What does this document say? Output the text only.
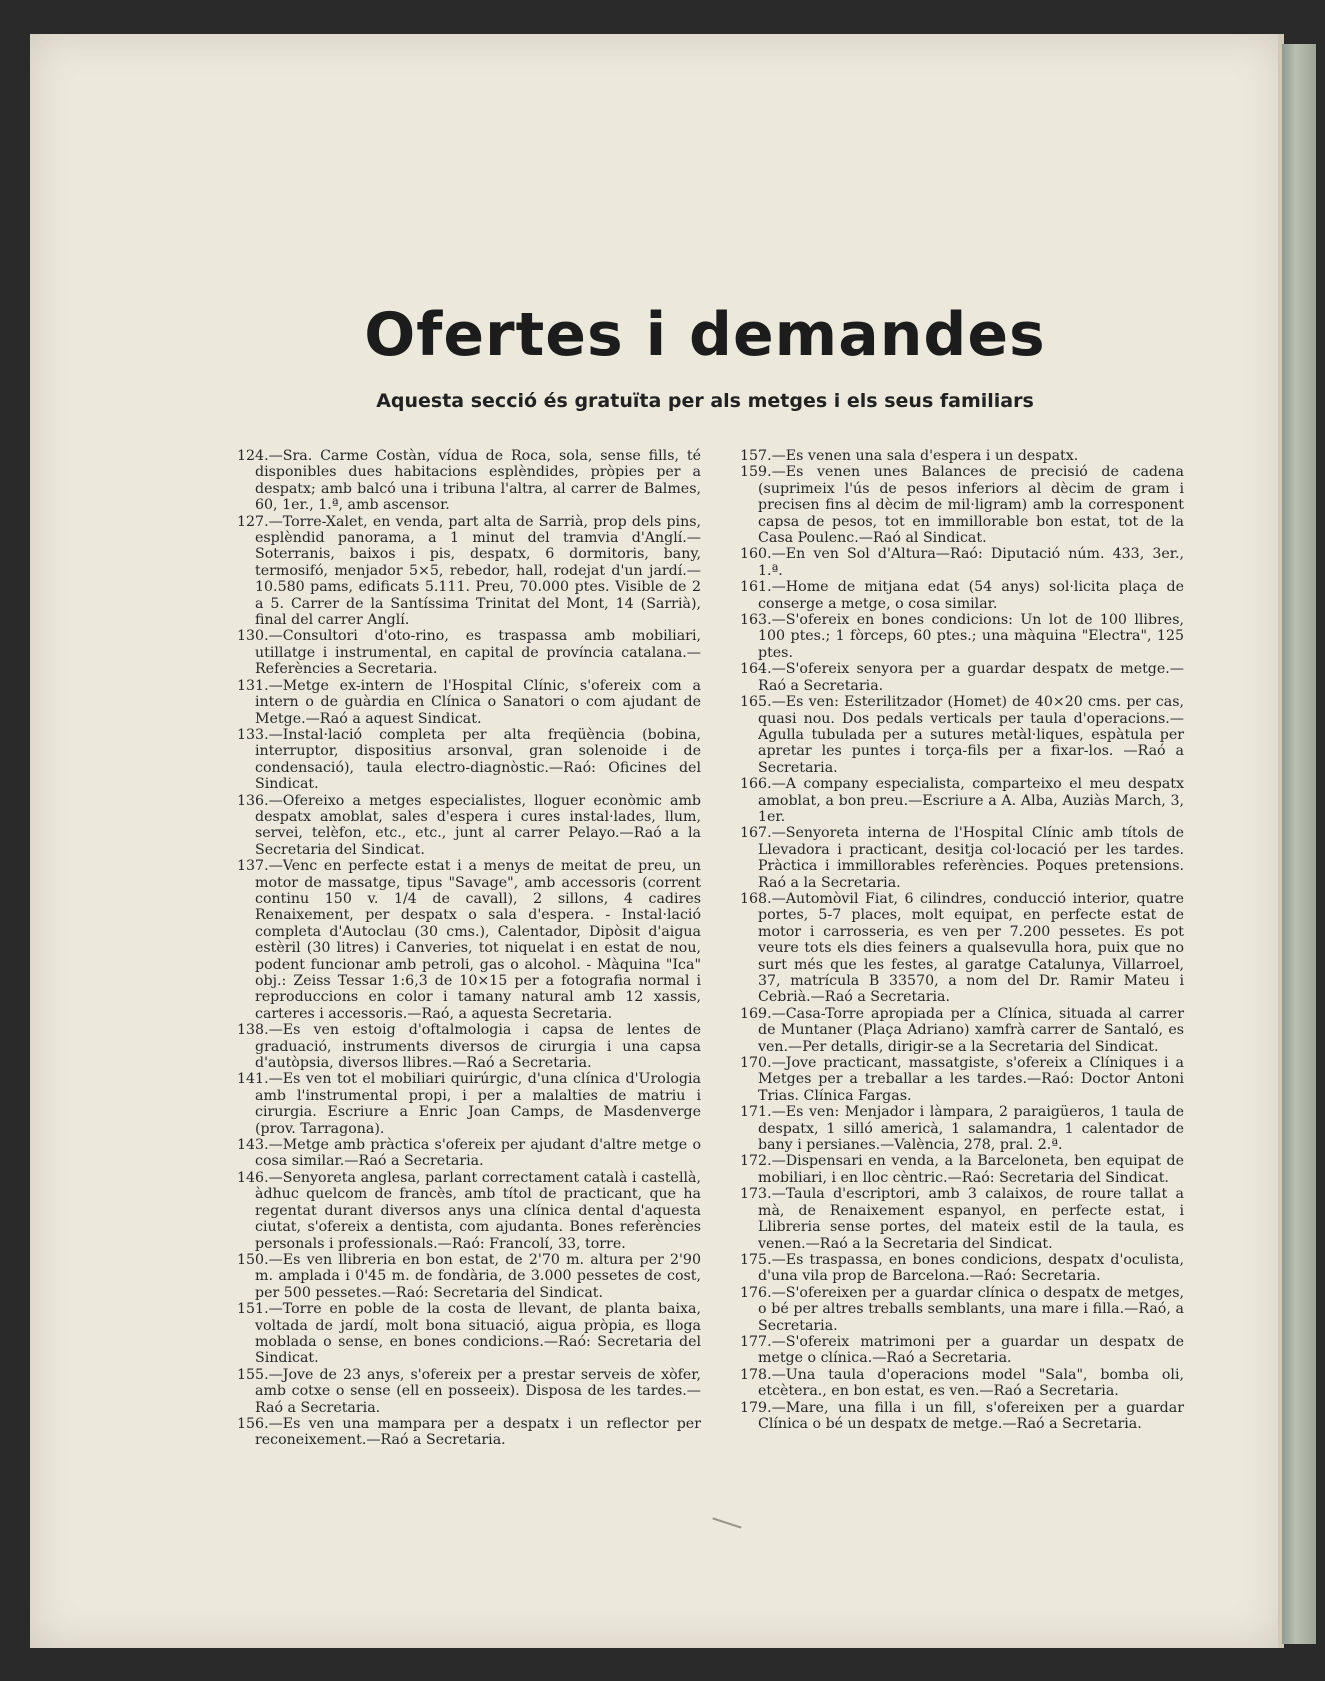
Ofertes i demandes

Aquesta secció és gratuïta per als metges i els seus familiars

124.—Sra. Carme Costàn, vídua de Roca, sola, sense fills, té disponibles dues habitacions esplèndides, pròpies per a despatx; amb balcó una i tribuna l'altra, al carrer de Balmes, 60, 1er., 1.ª, amb ascensor.

127.—Torre-Xalet, en venda, part alta de Sarrià, prop dels pins, esplèndid panorama, a 1 minut del tramvia d'Anglí.—Soterranis, baixos i pis, despatx, 6 dormitoris, bany, termosifó, menjador 5×5, rebedor, hall, rodejat d'un jardí.—10.580 pams, edificats 5.111. Preu, 70.000 ptes. Visible de 2 a 5. Carrer de la Santíssima Trinitat del Mont, 14 (Sarrià), final del carrer Anglí.

130.—Consultori d'oto-rino, es traspassa amb mobiliari, utillatge i instrumental, en capital de província catalana.—Referències a Secretaria.

131.—Metge ex-intern de l'Hospital Clínic, s'ofereix com a intern o de guàrdia en Clínica o Sanatori o com ajudant de Metge.—Raó a aquest Sindicat.

133.—Instal·lació completa per alta freqüència (bobina, interruptor, dispositius arsonval, gran solenoide i de condensació), taula electro-diagnòstic.—Raó: Oficines del Sindicat.

136.—Ofereixo a metges especialistes, lloguer econòmic amb despatx amoblat, sales d'espera i cures instal·lades, llum, servei, telèfon, etc., etc., junt al carrer Pelayo.—Raó a la Secretaria del Sindicat.

137.—Venc en perfecte estat i a menys de meitat de preu, un motor de massatge, tipus "Savage", amb accessoris (corrent continu 150 v. 1/4 de cavall), 2 sillons, 4 cadires Renaixement, per despatx o sala d'espera. - Instal·lació completa d'Autoclau (30 cms.), Calentador, Dipòsit d'aigua estèril (30 litres) i Canveries, tot niquelat i en estat de nou, podent funcionar amb petroli, gas o alcohol. - Màquina "Ica" obj.: Zeiss Tessar 1:6,3 de 10×15 per a fotografia normal i reproduccions en color i tamany natural amb 12 xassis, carteres i accessoris.—Raó, a aquesta Secretaria.

138.—Es ven estoig d'oftalmologia i capsa de lentes de graduació, instruments diversos de cirurgia i una capsa d'autòpsia, diversos llibres.—Raó a Secretaria.

141.—Es ven tot el mobiliari quirúrgic, d'una clínica d'Urologia amb l'instrumental propi, i per a malalties de matriu i cirurgia. Escriure a Enric Joan Camps, de Masdenverge (prov. Tarragona).

143.—Metge amb pràctica s'ofereix per ajudant d'altre metge o cosa similar.—Raó a Secretaria.

146.—Senyoreta anglesa, parlant correctament català i castellà, àdhuc quelcom de francès, amb títol de practicant, que ha regentat durant diversos anys una clínica dental d'aquesta ciutat, s'ofereix a dentista, com ajudanta. Bones referències personals i professionals.—Raó: Francolí, 33, torre.

150.—Es ven llibreria en bon estat, de 2'70 m. altura per 2'90 m. amplada i 0'45 m. de fondària, de 3.000 pessetes de cost, per 500 pessetes.—Raó: Secretaria del Sindicat.

151.—Torre en poble de la costa de llevant, de planta baixa, voltada de jardí, molt bona situació, aigua pròpia, es lloga moblada o sense, en bones condicions.—Raó: Secretaria del Sindicat.

155.—Jove de 23 anys, s'ofereix per a prestar serveis de xòfer, amb cotxe o sense (ell en posseeix). Disposa de les tardes.—Raó a Secretaria.

156.—Es ven una mampara per a despatx i un reflector per reconeixement.—Raó a Secretaria.

157.—Es venen una sala d'espera i un despatx.

159.—Es venen unes Balances de precisió de cadena (suprimeix l'ús de pesos inferiors al dècim de gram i precisen fins al dècim de mil·ligram) amb la corresponent capsa de pesos, tot en immillorable bon estat, tot de la Casa Poulenc.—Raó al Sindicat.

160.—En ven Sol d'Altura—Raó: Diputació núm. 433, 3er., 1.ª.

161.—Home de mitjana edat (54 anys) sol·licita plaça de conserge a metge, o cosa similar.

163.—S'ofereix en bones condicions: Un lot de 100 llibres, 100 ptes.; 1 fòrceps, 60 ptes.; una màquina "Electra", 125 ptes.

164.—S'ofereix senyora per a guardar despatx de metge.—Raó a Secretaria.

165.—Es ven: Esterilitzador (Homet) de 40×20 cms. per cas, quasi nou. Dos pedals verticals per taula d'operacions.—Agulla tubulada per a sutures metàl·liques, espàtula per apretar les puntes i torça-fils per a fixar-los. —Raó a Secretaria.

166.—A company especialista, comparteixo el meu despatx amoblat, a bon preu.—Escriure a A. Alba, Auziàs March, 3, 1er.

167.—Senyoreta interna de l'Hospital Clínic amb títols de Llevadora i practicant, desitja col·locació per les tardes. Pràctica i immillorables referències. Poques pretensions. Raó a la Secretaria.

168.—Automòvil Fiat, 6 cilindres, conducció interior, quatre portes, 5-7 places, molt equipat, en perfecte estat de motor i carrosseria, es ven per 7.200 pessetes. Es pot veure tots els dies feiners a qualsevulla hora, puix que no surt més que les festes, al garatge Catalunya, Villarroel, 37, matrícula B 33570, a nom del Dr. Ramir Mateu i Cebrià.—Raó a Secretaria.

169.—Casa-Torre apropiada per a Clínica, situada al carrer de Muntaner (Plaça Adriano) xamfrà carrer de Santaló, es ven.—Per detalls, dirigir-se a la Secretaria del Sindicat.

170.—Jove practicant, massatgiste, s'ofereix a Clíniques i a Metges per a treballar a les tardes.—Raó: Doctor Antoni Trias. Clínica Fargas.

171.—Es ven: Menjador i làmpara, 2 paraigüeros, 1 taula de despatx, 1 silló americà, 1 salamandra, 1 calentador de bany i persianes.—València, 278, pral. 2.ª.

172.—Dispensari en venda, a la Barceloneta, ben equipat de mobiliari, i en lloc cèntric.—Raó: Secretaria del Sindicat.

173.—Taula d'escriptori, amb 3 calaixos, de roure tallat a mà, de Renaixement espanyol, en perfecte estat, i Llibreria sense portes, del mateix estil de la taula, es venen.—Raó a la Secretaria del Sindicat.

175.—Es traspassa, en bones condicions, despatx d'oculista, d'una vila prop de Barcelona.—Raó: Secretaria.

176.—S'ofereixen per a guardar clínica o despatx de metges, o bé per altres treballs semblants, una mare i filla.—Raó, a Secretaria.

177.—S'ofereix matrimoni per a guardar un despatx de metge o clínica.—Raó a Secretaria.

178.—Una taula d'operacions model "Sala", bomba oli, etcètera., en bon estat, es ven.—Raó a Secretaria.

179.—Mare, una filla i un fill, s'ofereixen per a guardar Clínica o bé un despatx de metge.—Raó a Secretaria.
